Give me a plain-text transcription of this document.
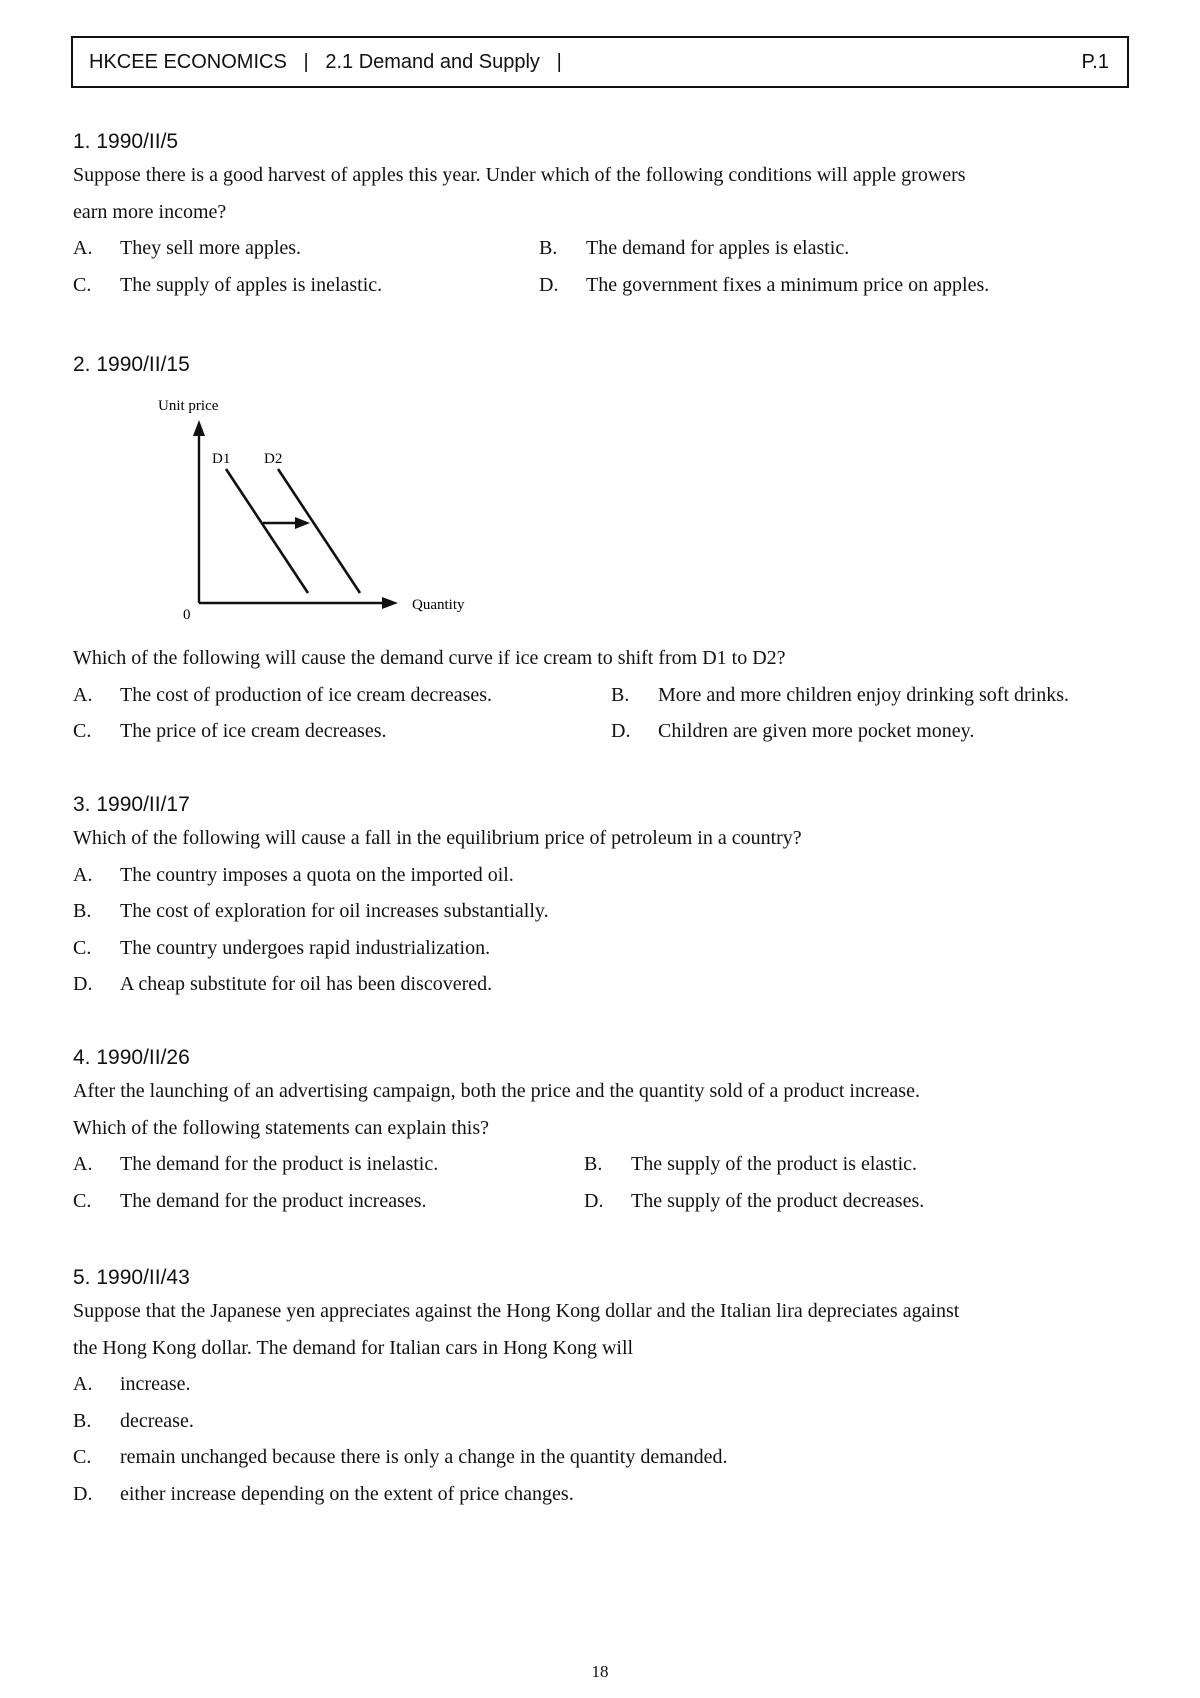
HKCEE ECONOMICS   |   2.1 Demand and Supply   |	P.1
1. 1990/II/5
Suppose there is a good harvest of apples this year. Under which of the following conditions will apple growers
earn more income?
A. They sell more apples.	B. The demand for apples is elastic.
C. The supply of apples is inelastic.	D. The government fixes a minimum price on apples.
2. 1990/II/15
Unit price
Quantity
0
D1 D2
Which of the following will cause the demand curve if ice cream to shift from D1 to D2?
A. The cost of production of ice cream decreases.	B. More and more children enjoy drinking soft drinks.
C. The price of ice cream decreases.	D. Children are given more pocket money.
3. 1990/II/17
Which of the following will cause a fall in the equilibrium price of petroleum in a country?
A. The country imposes a quota on the imported oil.
B. The cost of exploration for oil increases substantially.
C. The country undergoes rapid industrialization.
D. A cheap substitute for oil has been discovered.
4. 1990/II/26
After the launching of an advertising campaign, both the price and the quantity sold of a product increase.
Which of the following statements can explain this?
A. The demand for the product is inelastic.	B. The supply of the product is elastic.
C. The demand for the product increases.	D. The supply of the product decreases.
5. 1990/II/43
Suppose that the Japanese yen appreciates against the Hong Kong dollar and the Italian lira depreciates against
the Hong Kong dollar. The demand for Italian cars in Hong Kong will
A. increase.
B. decrease.
C. remain unchanged because there is only a change in the quantity demanded.
D. either increase depending on the extent of price changes.
18
